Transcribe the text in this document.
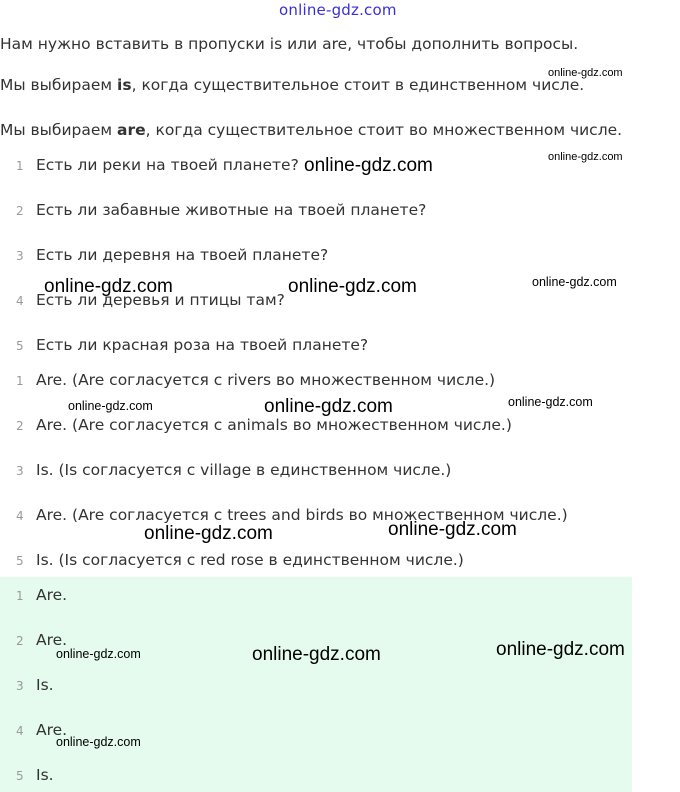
online-gdz.com
Нам нужно вставить в пропуски is или are, чтобы дополнить вопросы.
Мы выбираем is, когда существительное стоит в единственном числе.
Мы выбираем are, когда существительное стоит во множественном числе.
1 Есть ли реки на твоей планете?
2 Есть ли забавные животные на твоей планете?
3 Есть ли деревня на твоей планете?
4 Есть ли деревья и птицы там?
5 Есть ли красная роза на твоей планете?
1 Are. (Are согласуется с rivers во множественном числе.)
2 Are. (Are согласуется с animals во множественном числе.)
3 Is. (Is согласуется с village в единственном числе.)
4 Are. (Are согласуется с trees and birds во множественном числе.)
5 Is. (Is согласуется с red rose в единственном числе.)
1 Are.
2 Are.
3 Is.
4 Are.
5 Is.
online-gdz.com
online-gdz.com
online-gdz.com
online-gdz.com	online-gdz.com	online-gdz.com
online-gdz.com	online-gdz.com	online-gdz.com
online-gdz.com	online-gdz.com
online-gdz.com	online-gdz.com	online-gdz.com
online-gdz.com
